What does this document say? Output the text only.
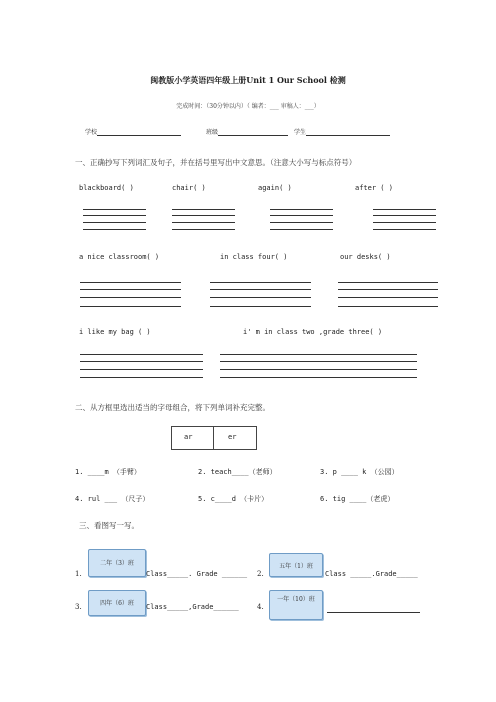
闽教版小学英语四年级上册Unit 1 Our School 检测
完成时间：（30分钟以内）（ 编者：___ 审稿人：___）
学校	班级	学生
一、正确抄写下列词汇及句子，并在括号里写出中文意思。（注意大小写与标点符号）
blackboard( )	chair( )	again( )	after ( )
a nice classroom( )	in class four( )	our desks( )
i like my bag ( )	i' m in class two ,grade three( )
二、从方框里选出适当的字母组合，将下列单词补充完整。
ar	er
1. ____m （手臂）	2. teach____（老师）	3. p ____ k （公园）
4. rul ___ （尺子）	5. c____d （卡片）	6. tig ____（老虎）
三、看图写一写。
1.
二年（3）班
Class_____. Grade ______ 2.
五年（1）班
Class _____.Grade_____
3.	四年（6）班	Class_____,Grade______	4.
一年（10）班
